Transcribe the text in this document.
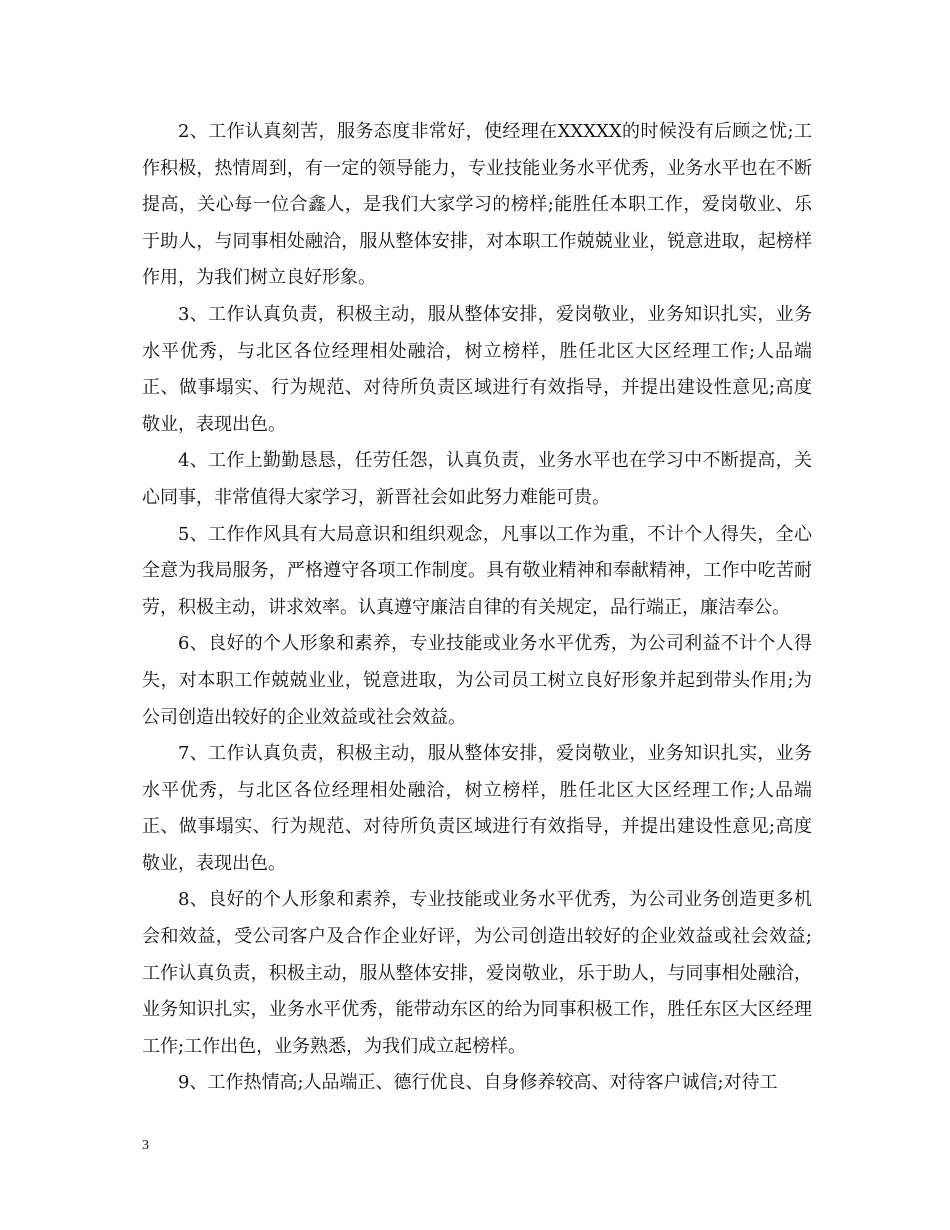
2、工作认真刻苦，服务态度非常好，使经理在XXXXX的时候没有后顾之忧;工作积极，热情周到，有一定的领导能力，专业技能业务水平优秀，业务水平也在不断提高，关心每一位合鑫人，是我们大家学习的榜样;能胜任本职工作，爱岗敬业、乐于助人，与同事相处融洽，服从整体安排，对本职工作兢兢业业，锐意进取，起榜样作用，为我们树立良好形象。

3、工作认真负责，积极主动，服从整体安排，爱岗敬业，业务知识扎实，业务水平优秀，与北区各位经理相处融洽，树立榜样，胜任北区大区经理工作;人品端正、做事塌实、行为规范、对待所负责区域进行有效指导，并提出建设性意见;高度敬业，表现出色。

4、工作上勤勤恳恳，任劳任怨，认真负责，业务水平也在学习中不断提高，关心同事，非常值得大家学习，新晋社会如此努力难能可贵。

5、工作作风具有大局意识和组织观念，凡事以工作为重，不计个人得失，全心全意为我局服务，严格遵守各项工作制度。具有敬业精神和奉献精神，工作中吃苦耐劳，积极主动，讲求效率。认真遵守廉洁自律的有关规定，品行端正，廉洁奉公。

6、良好的个人形象和素养，专业技能或业务水平优秀，为公司利益不计个人得失，对本职工作兢兢业业，锐意进取，为公司员工树立良好形象并起到带头作用;为公司创造出较好的企业效益或社会效益。

7、工作认真负责，积极主动，服从整体安排，爱岗敬业，业务知识扎实，业务水平优秀，与北区各位经理相处融洽，树立榜样，胜任北区大区经理工作;人品端正、做事塌实、行为规范、对待所负责区域进行有效指导，并提出建设性意见;高度敬业，表现出色。

8、良好的个人形象和素养，专业技能或业务水平优秀，为公司业务创造更多机会和效益，受公司客户及合作企业好评，为公司创造出较好的企业效益或社会效益;工作认真负责，积极主动，服从整体安排，爱岗敬业，乐于助人，与同事相处融洽，业务知识扎实，业务水平优秀，能带动东区的给为同事积极工作，胜任东区大区经理工作;工作出色，业务熟悉，为我们成立起榜样。

9、工作热情高;人品端正、德行优良、自身修养较高、对待客户诚信;对待工

3
